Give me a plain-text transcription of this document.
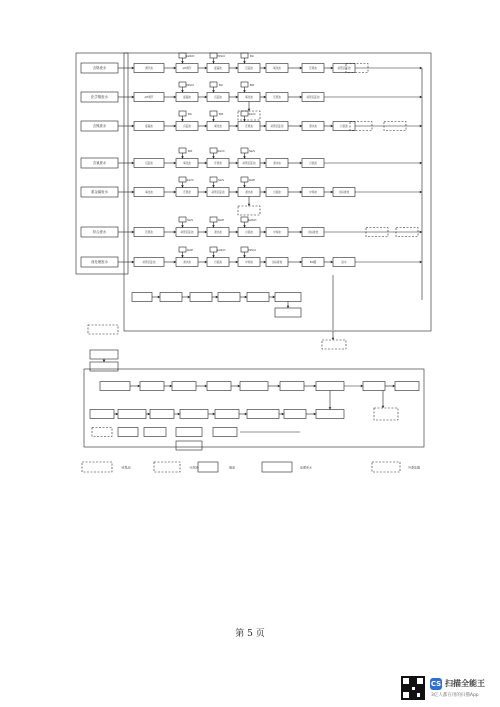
含铬废水
化学镍废水
含镍废水
含氰废水
重金属废水
综合废水
前处理废水
调节池	pH调节
Na2SO3
混凝池
H2SO4
沉淀池
PAC
氧化池	还原池	斜管沉淀池
pH调节	混凝池
H2SO4
沉淀池
PAC
氧化池
PAM
还原池	斜管沉淀池
混凝池	沉淀池
PAC
氧化池
PAM
还原池
NaClO
斜管沉淀池	清水池	污泥池
沉淀池	氧化池
PAM
还原池
NaClO
斜管沉淀池
Na2S
清水池	污泥池
氧化池	还原池
NaClO
斜管沉淀池
Na2S
清水池
NaOH
污泥池	中和池	达标排放
还原池	斜管沉淀池
Na2S
清水池
NaOH
污泥池
Na2SO3
中和池	达标排放
斜管沉淀池	清水池
NaOH
污泥池
Na2SO3
中和池
H2SO4
达标排放	RO膜	浓水
收集池	污泥池	储池	处理单元	外委处置
第 5 页
CS 扫描全能王
3亿人都在用的扫描App
